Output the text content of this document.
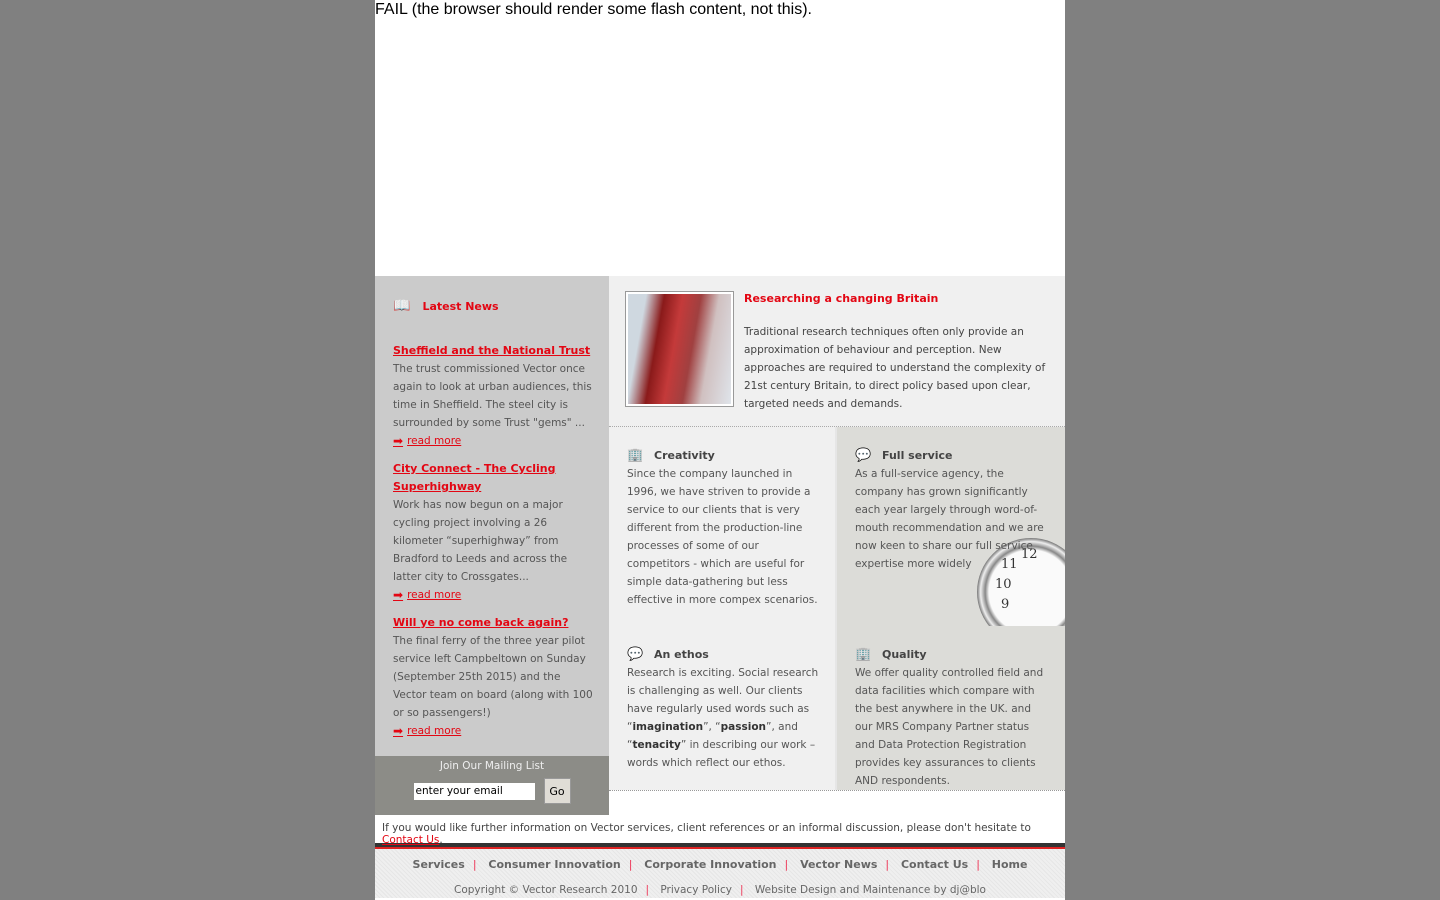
FAIL (the browser should render some flash content, not this).
📖 Latest News
Sheffield and the National Trust

The trust commissioned Vector once again to look at urban audiences, this time in Sheffield. The steel city is surrounded by some Trust "gems" ...

➡ read more
City Connect - The Cycling Superhighway

Work has now begun on a major cycling project involving a 26 kilometer “superhighway” from Bradford to Leeds and across the latter city to Crossgates...

➡ read more
Will ye no come back again?

The final ferry of the three year pilot service left Campbeltown on Sunday (September 25th 2015) and the Vector team on board (along with 100 or so passengers!)

➡ read more
Join Our Mailing List
enter your email	Go
Researching a changing Britain

Traditional research techniques often only provide an approximation of behaviour and perception. New approaches are required to understand the complexity of 21st century Britain, to direct policy based upon clear, targeted needs and demands.

🏢 Creativity

Since the company launched in 1996, we have striven to provide a service to our clients that is very different from the production-line processes of some of our competitors - which are useful for simple data-gathering but less effective in more compex scenarios.

11
10
9
12
💬 Full service

As a full-service agency, the company has grown significantly each year largely through word-of- mouth recommendation and we are now keen to share our full service expertise more widely

💬 An ethos

Research is exciting. Social research is challenging as well. Our clients have regularly used words such as “imagination”, “passion”, and “tenacity” in describing our work – words which reflect our ethos.

🏢 Quality

We offer quality controlled field and data facilities which compare with the best anywhere in the UK. and our MRS Company Partner status and Data Protection Registration provides key assurances to clients AND respondents.

If you would like further information on Vector services, client references or an informal discussion, please don't hesitate to Contact Us.
Services | Consumer Innovation | Corporate Innovation | Vector News | Contact Us | Home
Copyright © Vector Research 2010 | Privacy Policy | Website Design and Maintenance by dj@blo
